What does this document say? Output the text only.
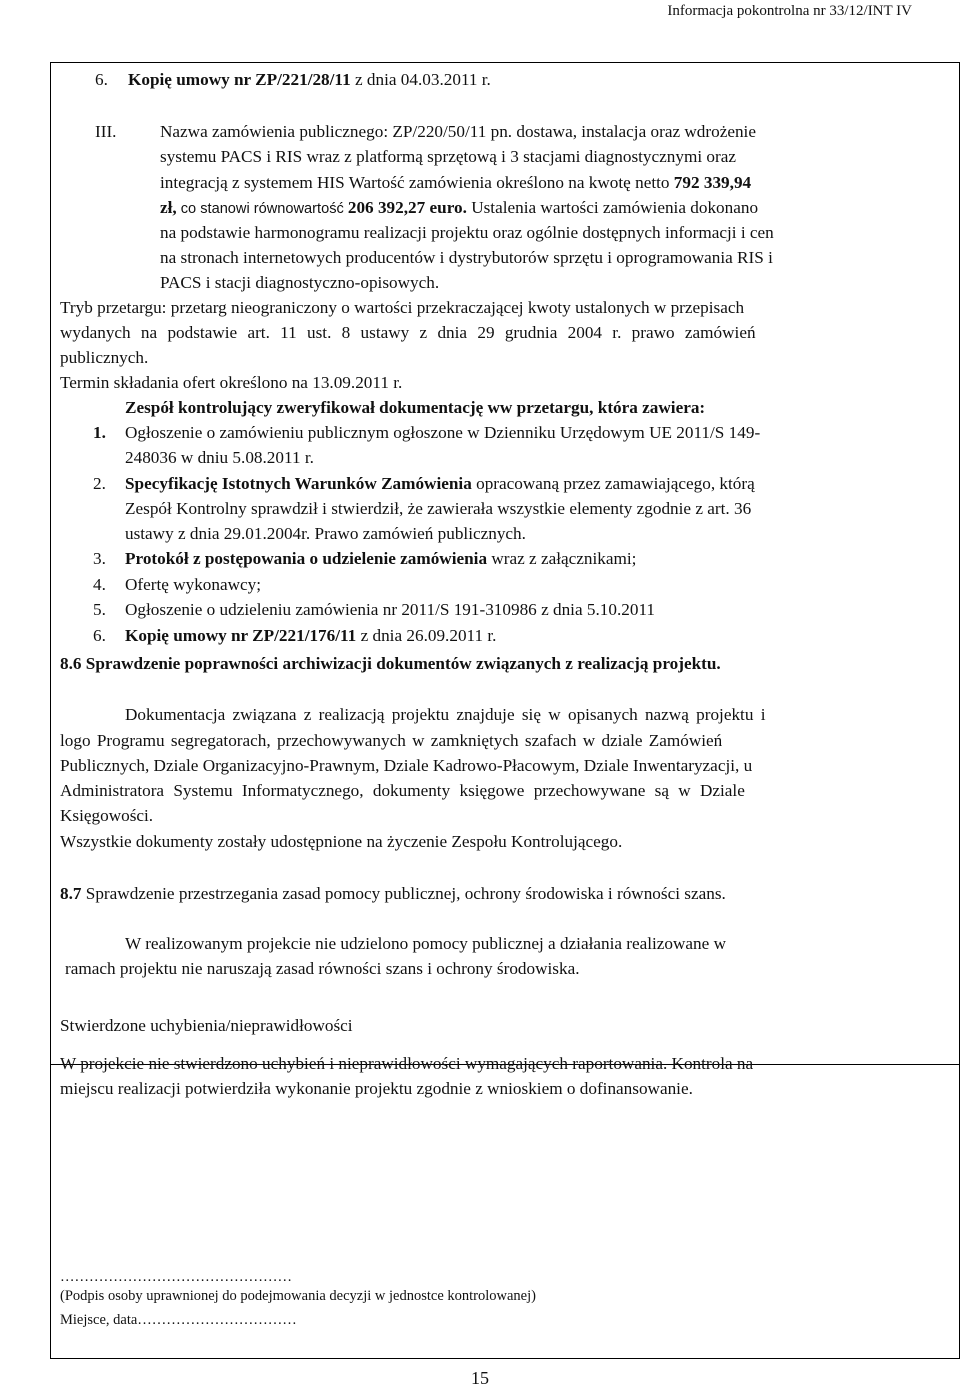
Informacja pokontrolna nr 33/12/INT IV
6. Kopię umowy nr ZP/221/28/11 z dnia 04.03.2011 r.
III.	Nazwa zamówienia publicznego: ZP/220/50/11 pn. dostawa, instalacja oraz wdrożenie
systemu PACS i RIS wraz z platformą sprzętową i 3 stacjami diagnostycznymi oraz
integracją z systemem HIS Wartość zamówienia określono na kwotę netto 792 339,94
zł, co stanowi równowartość 206 392,27 euro. Ustalenia wartości zamówienia dokonano
na podstawie harmonogramu realizacji projektu oraz ogólnie dostępnych informacji i cen
na stronach internetowych producentów i dystrybutorów sprzętu i oprogramowania RIS i
PACS i stacji diagnostyczno-opisowych.
Tryb przetargu: przetarg nieograniczony o wartości przekraczającej kwoty ustalonych w przepisach
wydanych na podstawie art. 11 ust. 8 ustawy z dnia 29 grudnia 2004 r. prawo zamówień
publicznych.
Termin składania ofert określono na 13.09.2011 r.
Zespół kontrolujący zweryfikował dokumentację ww przetargu, która zawiera:
1. Ogłoszenie o zamówieniu publicznym ogłoszone w Dzienniku Urzędowym UE 2011/S 149-
248036 w dniu 5.08.2011 r.
2. Specyfikację Istotnych Warunków Zamówienia opracowaną przez zamawiającego, którą
Zespół Kontrolny sprawdził i stwierdził, że zawierała wszystkie elementy zgodnie z art. 36
ustawy z dnia 29.01.2004r. Prawo zamówień publicznych.
3. Protokół z postępowania o udzielenie zamówienia wraz z załącznikami;
4. Ofertę wykonawcy;
5. Ogłoszenie o udzieleniu zamówienia nr 2011/S 191-310986 z dnia 5.10.2011
6. Kopię umowy nr ZP/221/176/11 z dnia 26.09.2011 r.
8.6 Sprawdzenie poprawności archiwizacji dokumentów związanych z realizacją projektu.
Dokumentacja związana z realizacją projektu znajduje się w opisanych nazwą projektu i
logo Programu segregatorach, przechowywanych w zamkniętych szafach w dziale Zamówień
Publicznych, Dziale Organizacyjno-Prawnym, Dziale Kadrowo-Płacowym, Dziale Inwentaryzacji, u
Administratora Systemu Informatycznego, dokumenty księgowe przechowywane są w Dziale
Księgowości.
Wszystkie dokumenty zostały udostępnione na życzenie Zespołu Kontrolującego.
8.7 Sprawdzenie przestrzegania zasad pomocy publicznej, ochrony środowiska i równości szans.
W realizowanym projekcie nie udzielono pomocy publicznej a działania realizowane w
ramach projektu nie naruszają zasad równości szans i ochrony środowiska.
Stwierdzone uchybienia/nieprawidłowości
W projekcie nie stwierdzono uchybień i nieprawidłowości wymagających raportowania. Kontrola na
miejscu realizacji potwierdziła wykonanie projektu zgodnie z wnioskiem o dofinansowanie.
…………………………………………
(Podpis osoby uprawnionej do podejmowania decyzji w jednostce kontrolowanej)
Miejsce, data……………………………
15
